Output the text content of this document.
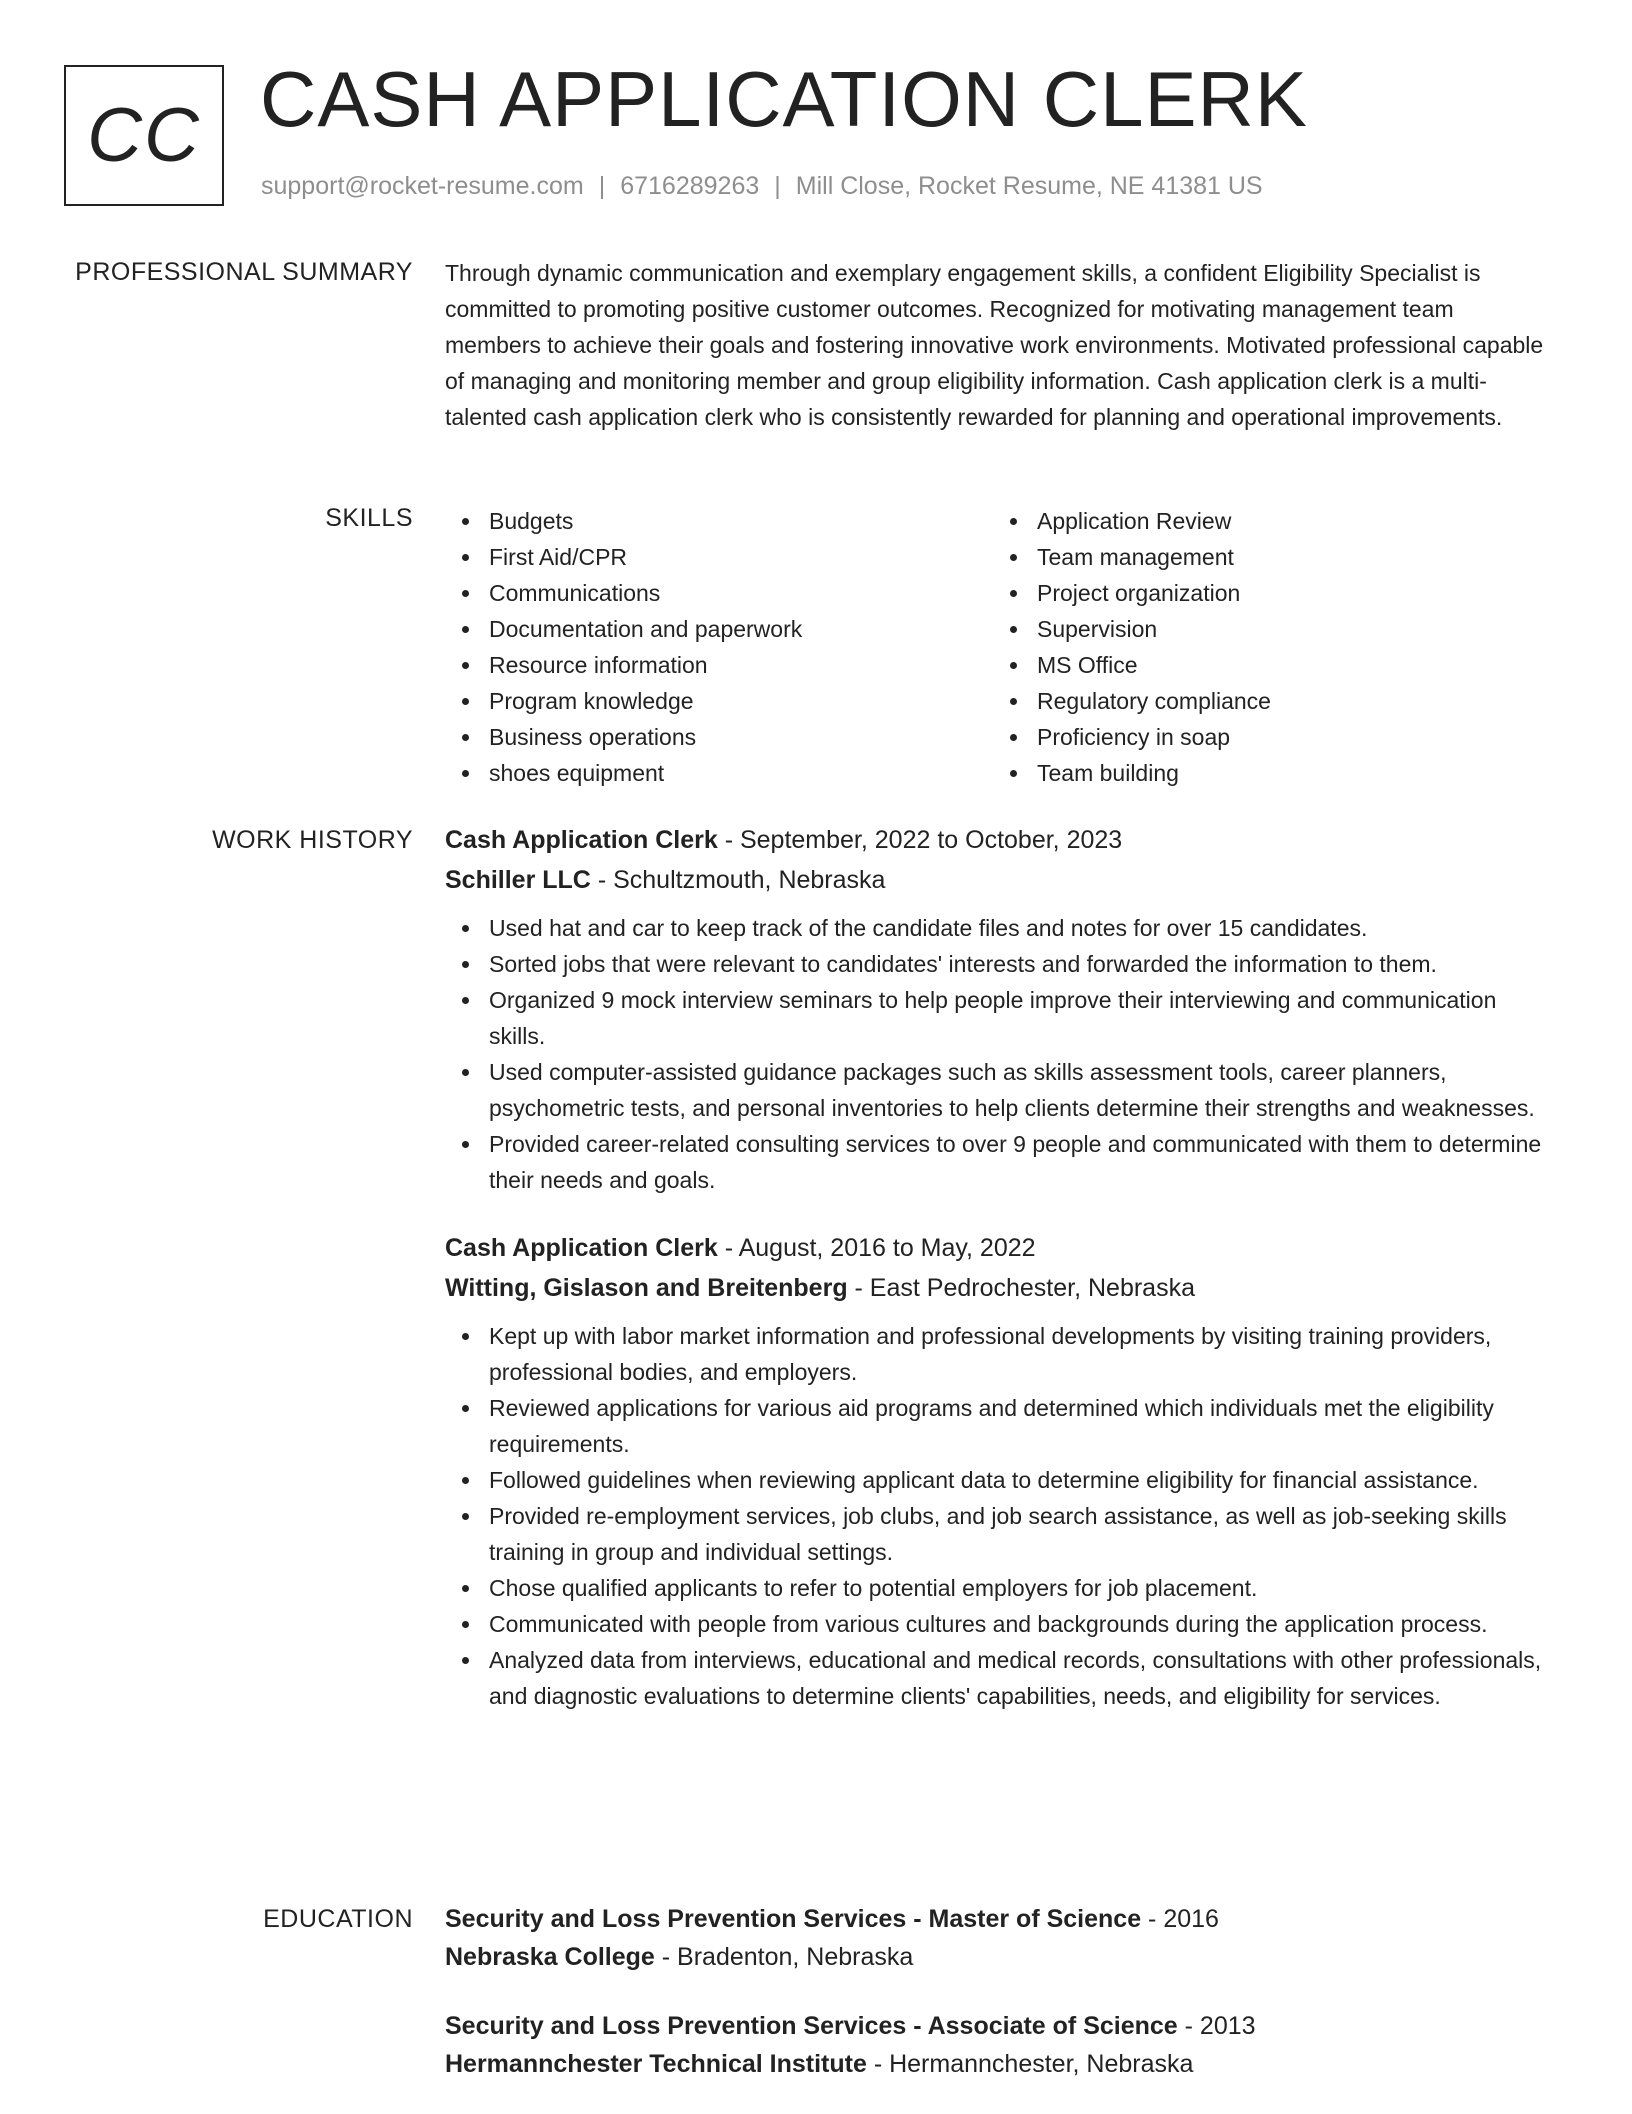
CC CASH APPLICATION CLERK
support@rocket-resume.com | 6716289263 | Mill Close, Rocket Resume, NE 41381 US
PROFESSIONAL SUMMARY Through dynamic communication and exemplary engagement skills, a confident Eligibility Specialist is committed to promoting positive customer outcomes. Recognized for motivating management team members to achieve their goals and fostering innovative work environments. Motivated professional capable of managing and monitoring member and group eligibility information. Cash application clerk is a multi-talented cash application clerk who is consistently rewarded for planning and operational improvements.

SKILLS	Budgets
First Aid/CPR
Communications
Documentation and paperwork
Resource information
Program knowledge
Business operations
shoes equipment
Application Review
Team management
Project organization
Supervision
MS Office
Regulatory compliance
Proficiency in soap
Team building
WORK HISTORY Cash Application Clerk - September, 2022 to October, 2023

Schiller LLC - Schultzmouth, Nebraska

Used hat and car to keep track of the candidate files and notes for over 15 candidates.
Sorted jobs that were relevant to candidates' interests and forwarded the information to them.
Organized 9 mock interview seminars to help people improve their interviewing and communication skills.
Used computer-assisted guidance packages such as skills assessment tools, career planners, psychometric tests, and personal inventories to help clients determine their strengths and weaknesses.
Provided career-related consulting services to over 9 people and communicated with them to determine their needs and goals.

Cash Application Clerk - August, 2016 to May, 2022

Witting, Gislason and Breitenberg - East Pedrochester, Nebraska

Kept up with labor market information and professional developments by visiting training providers, professional bodies, and employers.
Reviewed applications for various aid programs and determined which individuals met the eligibility requirements.
Followed guidelines when reviewing applicant data to determine eligibility for financial assistance.
Provided re-employment services, job clubs, and job search assistance, as well as job-seeking skills training in group and individual settings.
Chose qualified applicants to refer to potential employers for job placement.
Communicated with people from various cultures and backgrounds during the application process.
Analyzed data from interviews, educational and medical records, consultations with other professionals, and diagnostic evaluations to determine clients' capabilities, needs, and eligibility for services.
EDUCATION Security and Loss Prevention Services - Master of Science - 2016

Nebraska College - Bradenton, Nebraska

Security and Loss Prevention Services - Associate of Science - 2013

Hermannchester Technical Institute - Hermannchester, Nebraska
